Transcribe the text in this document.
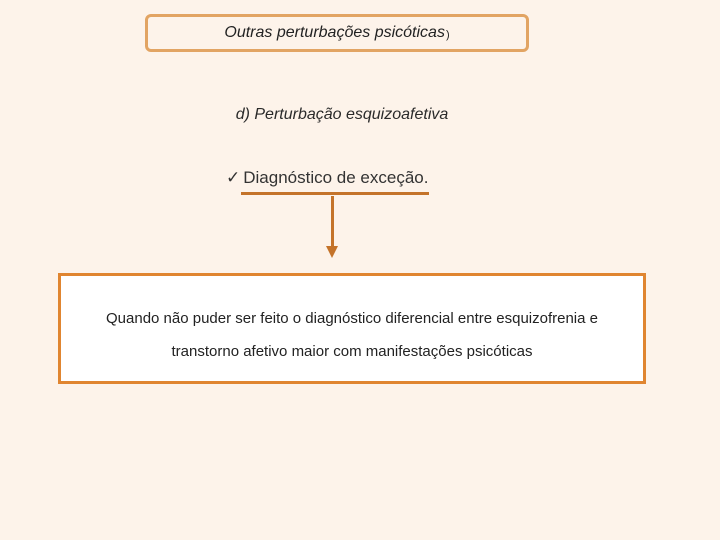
Outras perturbações psicóticas )
d) Perturbação esquizoafetiva
✓ Diagnóstico de exceção.
Quando não puder ser feito o diagnóstico diferencial entre esquizofrenia e
transtorno afetivo maior com manifestações psicóticas
